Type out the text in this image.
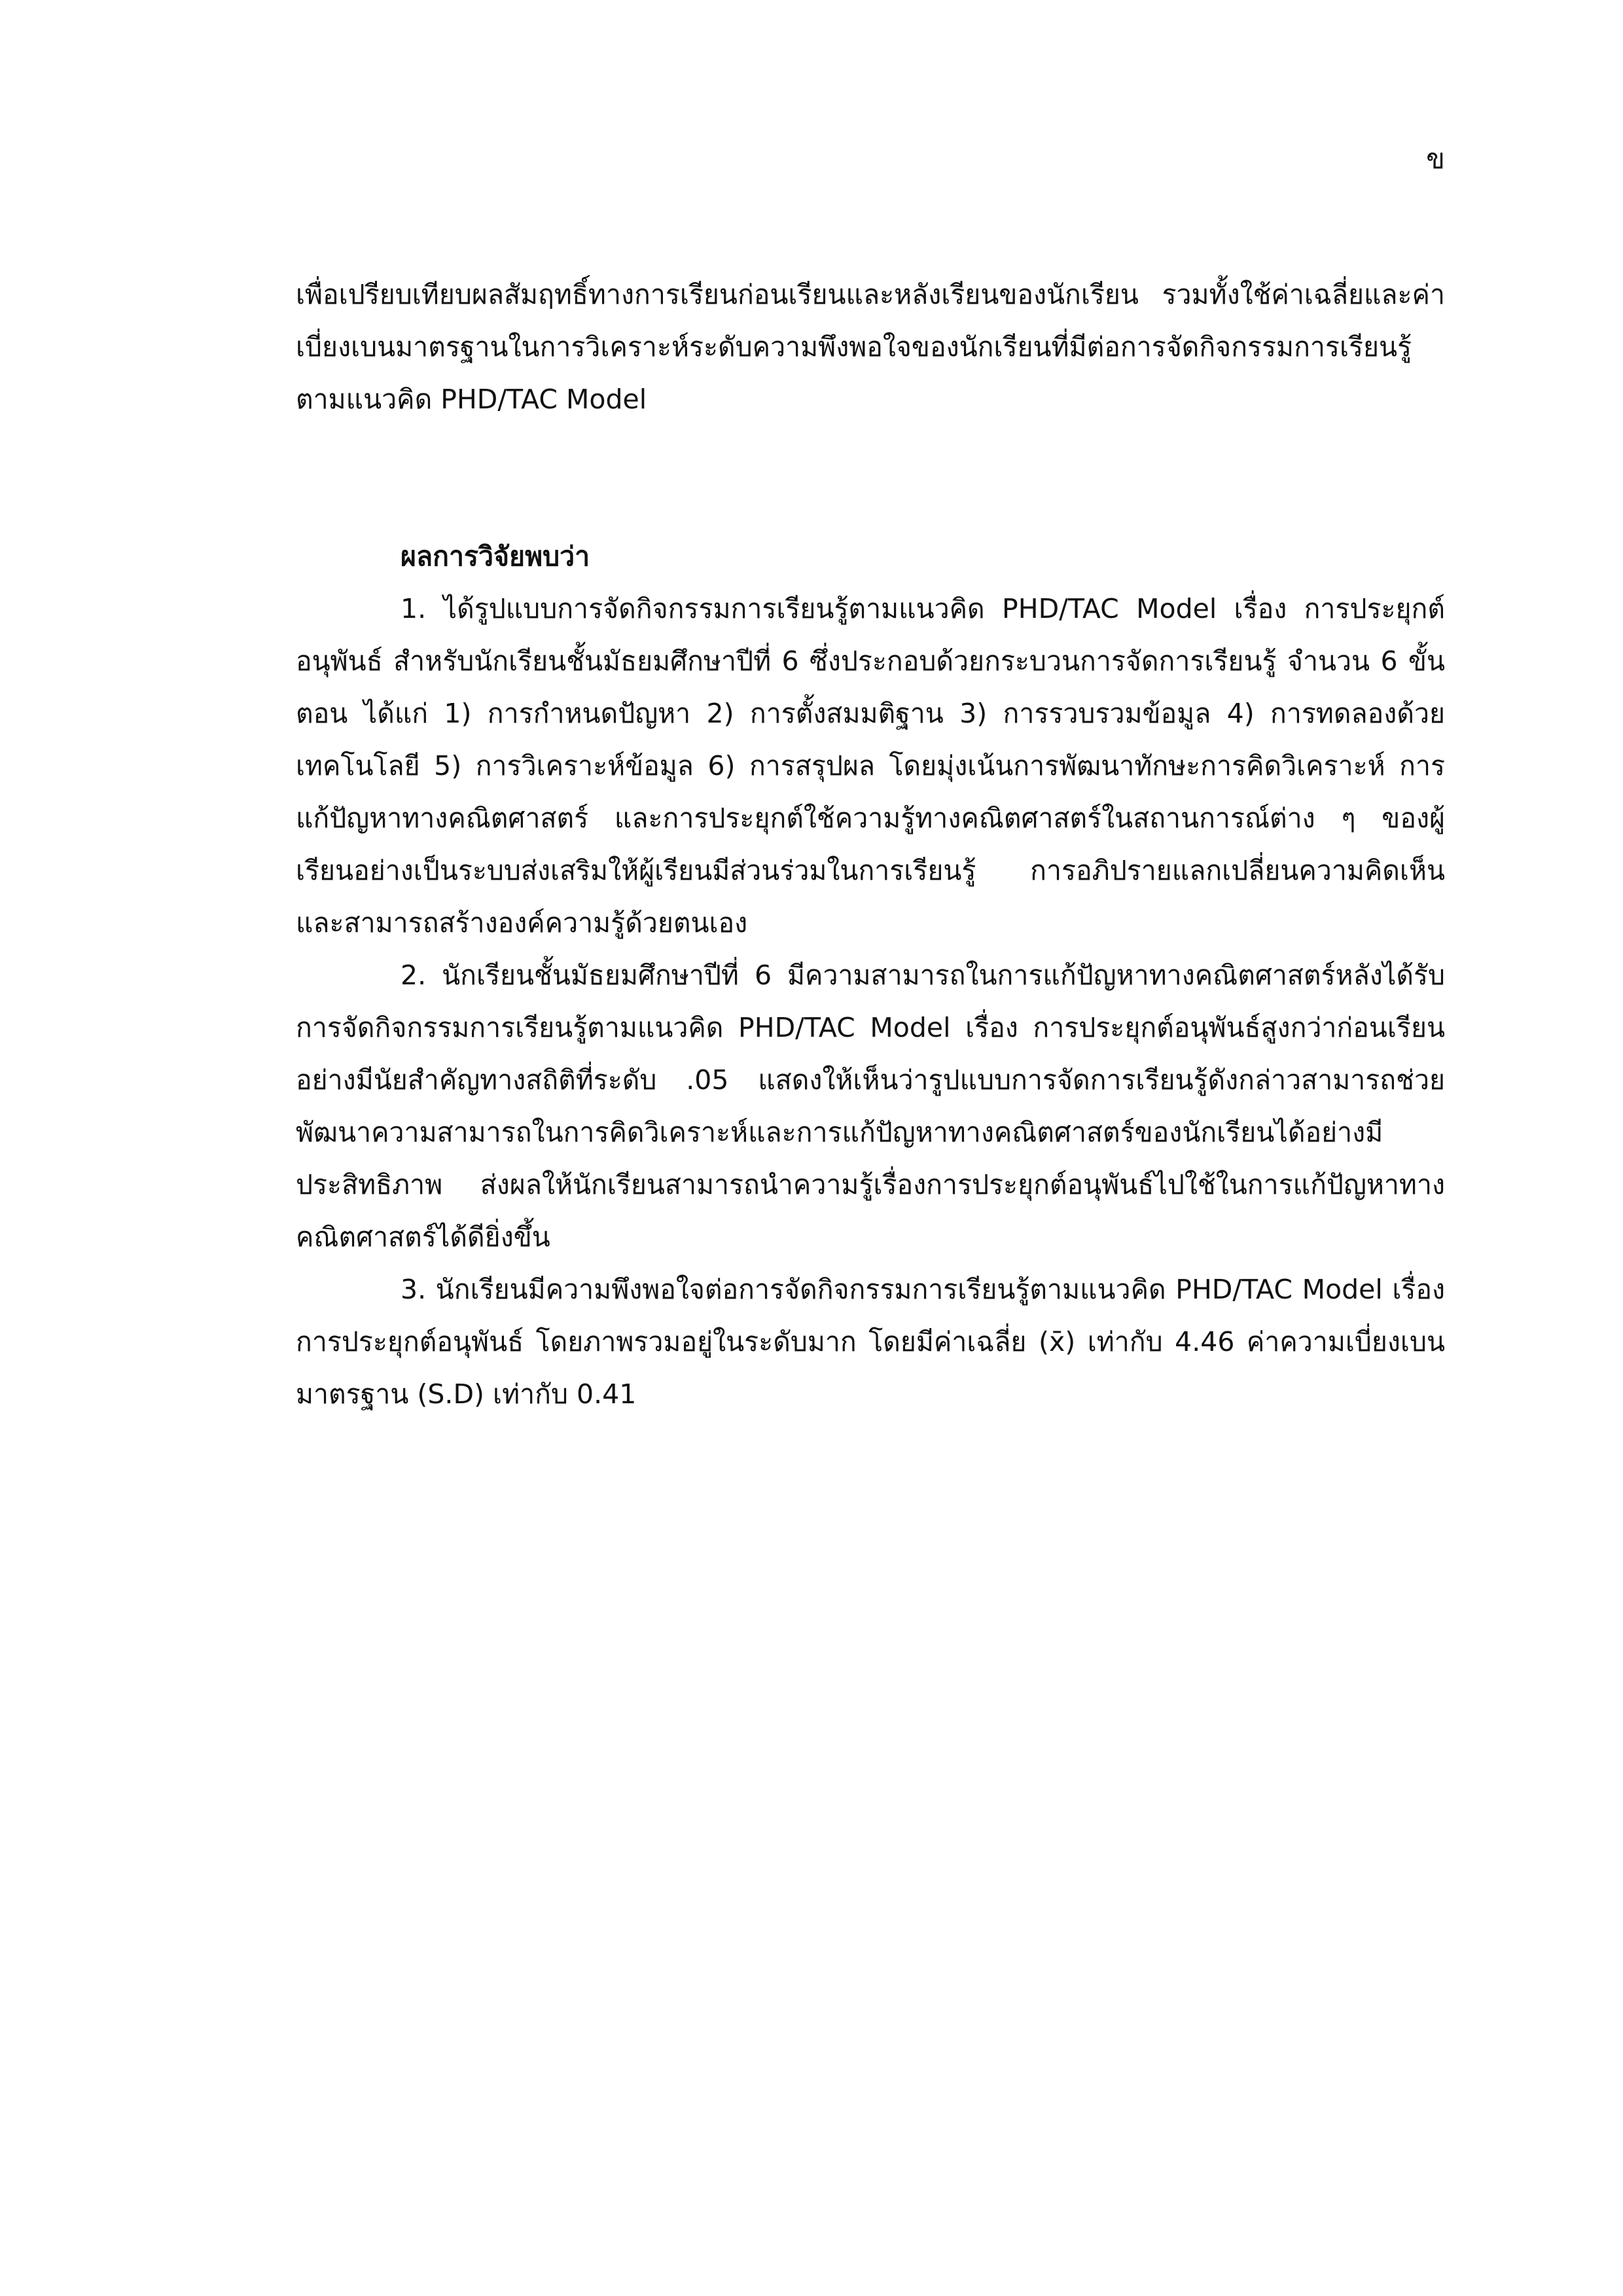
ข

เพื่อเปรียบเทียบผลสัมฤทธิ์ทางการเรียนก่อนเรียนและหลังเรียนของนักเรียน รวมทั้งใช้ค่าเฉลี่ยและค่าเบี่ยงเบนมาตรฐานในการวิเคราะห์ระดับความพึงพอใจของนักเรียนที่มีต่อการจัดกิจกรรมการเรียนรู้ตามแนวคิด PHD/TAC Model

ผลการวิจัยพบว่า

1. ได้รูปแบบการจัดกิจกรรมการเรียนรู้ตามแนวคิด PHD/TAC Model เรื่อง การประยุกต์อนุพันธ์ สำหรับนักเรียนชั้นมัธยมศึกษาปีที่ 6 ซึ่งประกอบด้วยกระบวนการจัดการเรียนรู้ จำนวน 6 ขั้นตอน ได้แก่ 1) การกำหนดปัญหา 2) การตั้งสมมติฐาน 3) การรวบรวมข้อมูล 4) การทดลองด้วยเทคโนโลยี 5) การวิเคราะห์ข้อมูล 6) การสรุปผล โดยมุ่งเน้นการพัฒนาทักษะการคิดวิเคราะห์ การแก้ปัญหาทางคณิตศาสตร์ และการประยุกต์ใช้ความรู้ทางคณิตศาสตร์ในสถานการณ์ต่าง ๆ ของผู้เรียนอย่างเป็นระบบส่งเสริมให้ผู้เรียนมีส่วนร่วมในการเรียนรู้ การอภิปรายแลกเปลี่ยนความคิดเห็น และสามารถสร้างองค์ความรู้ด้วยตนเอง

2. นักเรียนชั้นมัธยมศึกษาปีที่ 6 มีความสามารถในการแก้ปัญหาทางคณิตศาสตร์หลังได้รับการจัดกิจกรรมการเรียนรู้ตามแนวคิด PHD/TAC Model เรื่อง การประยุกต์อนุพันธ์สูงกว่าก่อนเรียนอย่างมีนัยสำคัญทางสถิติที่ระดับ .05 แสดงให้เห็นว่ารูปแบบการจัดการเรียนรู้ดังกล่าวสามารถช่วยพัฒนาความสามารถในการคิดวิเคราะห์และการแก้ปัญหาทางคณิตศาสตร์ของนักเรียนได้อย่างมีประสิทธิภาพ ส่งผลให้นักเรียนสามารถนำความรู้เรื่องการประยุกต์อนุพันธ์ไปใช้ในการแก้ปัญหาทางคณิตศาสตร์ได้ดียิ่งขึ้น

3. นักเรียนมีความพึงพอใจต่อการจัดกิจกรรมการเรียนรู้ตามแนวคิด PHD/TAC Model เรื่อง การประยุกต์อนุพันธ์ โดยภาพรวมอยู่ในระดับมาก โดยมีค่าเฉลี่ย (x̄) เท่ากับ 4.46 ค่าความเบี่ยงเบนมาตรฐาน (S.D) เท่ากับ 0.41
